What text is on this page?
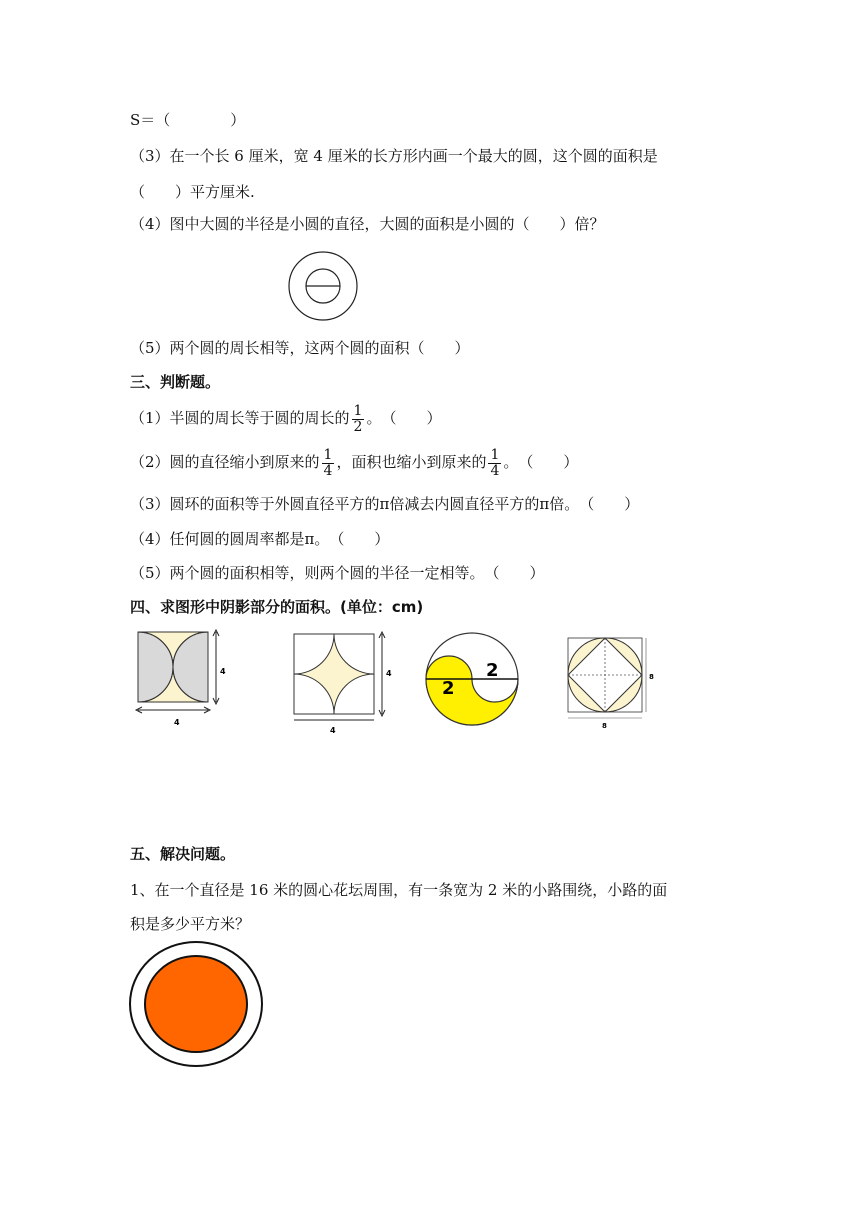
S＝（　　　　）
（3）在一个长 6 厘米，宽 4 厘米的长方形内画一个最大的圆，这个圆的面积是
（　　）平方厘米.
（4）图中大圆的半径是小圆的直径，大圆的面积是小圆的（　　）倍？
（5）两个圆的周长相等，这两个圆的面积（　　）
三、判断题。
（1）半圆的周长等于圆的周长的 $\frac{1}{2}$ 。　（　　）
（2）圆的直径缩小到原来的 $\frac{1}{4}$ ，面积也缩小到原来的 $\frac{1}{4}$ 。　（　　）
（3）圆环的面积等于外圆直径平方的π倍减去内圆直径平方的π倍。　（　　）
（4）任何圆的圆周率都是π。　（　　）
（5）两个圆的面积相等，则两个圆的半径一定相等。　（　　）
四、求图形中阴影部分的面积。(单位：cm)
4
4
4
4
2
2	8
8
五、解决问题。
1、在一个直径是 16 米的圆心花坛周围，有一条宽为 2 米的小路围绕，小路的面
积是多少平方米？
